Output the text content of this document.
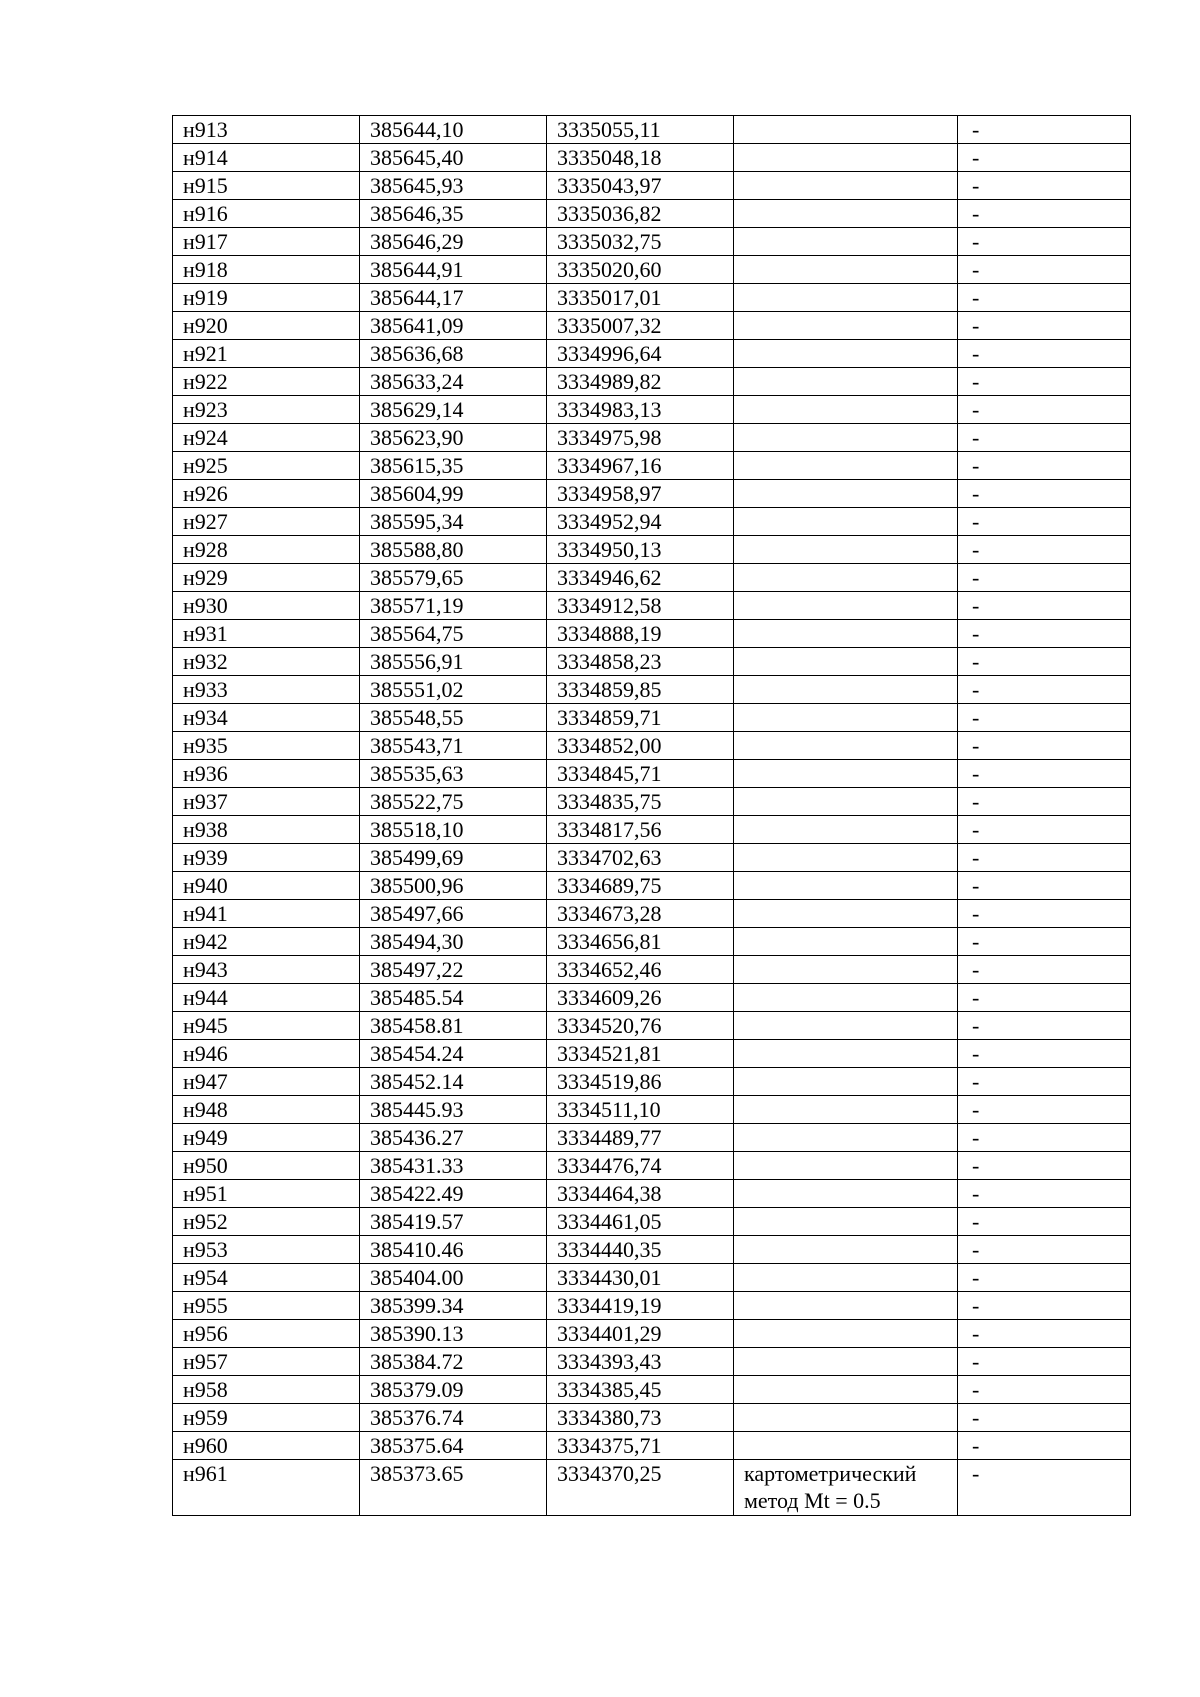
н913	385644,10	3335055,11		-
н914	385645,40	3335048,18		-
н915	385645,93	3335043,97		-
н916	385646,35	3335036,82		-
н917	385646,29	3335032,75		-
н918	385644,91	3335020,60		-
н919	385644,17	3335017,01		-
н920	385641,09	3335007,32		-
н921	385636,68	3334996,64		-
н922	385633,24	3334989,82		-
н923	385629,14	3334983,13		-
н924	385623,90	3334975,98		-
н925	385615,35	3334967,16		-
н926	385604,99	3334958,97		-
н927	385595,34	3334952,94		-
н928	385588,80	3334950,13		-
н929	385579,65	3334946,62		-
н930	385571,19	3334912,58		-
н931	385564,75	3334888,19		-
н932	385556,91	3334858,23		-
н933	385551,02	3334859,85		-
н934	385548,55	3334859,71		-
н935	385543,71	3334852,00		-
н936	385535,63	3334845,71		-
н937	385522,75	3334835,75		-
н938	385518,10	3334817,56		-
н939	385499,69	3334702,63		-
н940	385500,96	3334689,75		-
н941	385497,66	3334673,28		-
н942	385494,30	3334656,81		-
н943	385497,22	3334652,46		-
н944	385485.54	3334609,26		-
н945	385458.81	3334520,76		-
н946	385454.24	3334521,81		-
н947	385452.14	3334519,86		-
н948	385445.93	3334511,10		-
н949	385436.27	3334489,77		-
н950	385431.33	3334476,74		-
н951	385422.49	3334464,38		-
н952	385419.57	3334461,05		-
н953	385410.46	3334440,35		-
н954	385404.00	3334430,01		-
н955	385399.34	3334419,19		-
н956	385390.13	3334401,29		-
н957	385384.72	3334393,43		-
н958	385379.09	3334385,45		-
н959	385376.74	3334380,73		-
н960	385375.64	3334375,71		-
н961	385373.65	3334370,25	картометрический метод Mt = 0.5	-
